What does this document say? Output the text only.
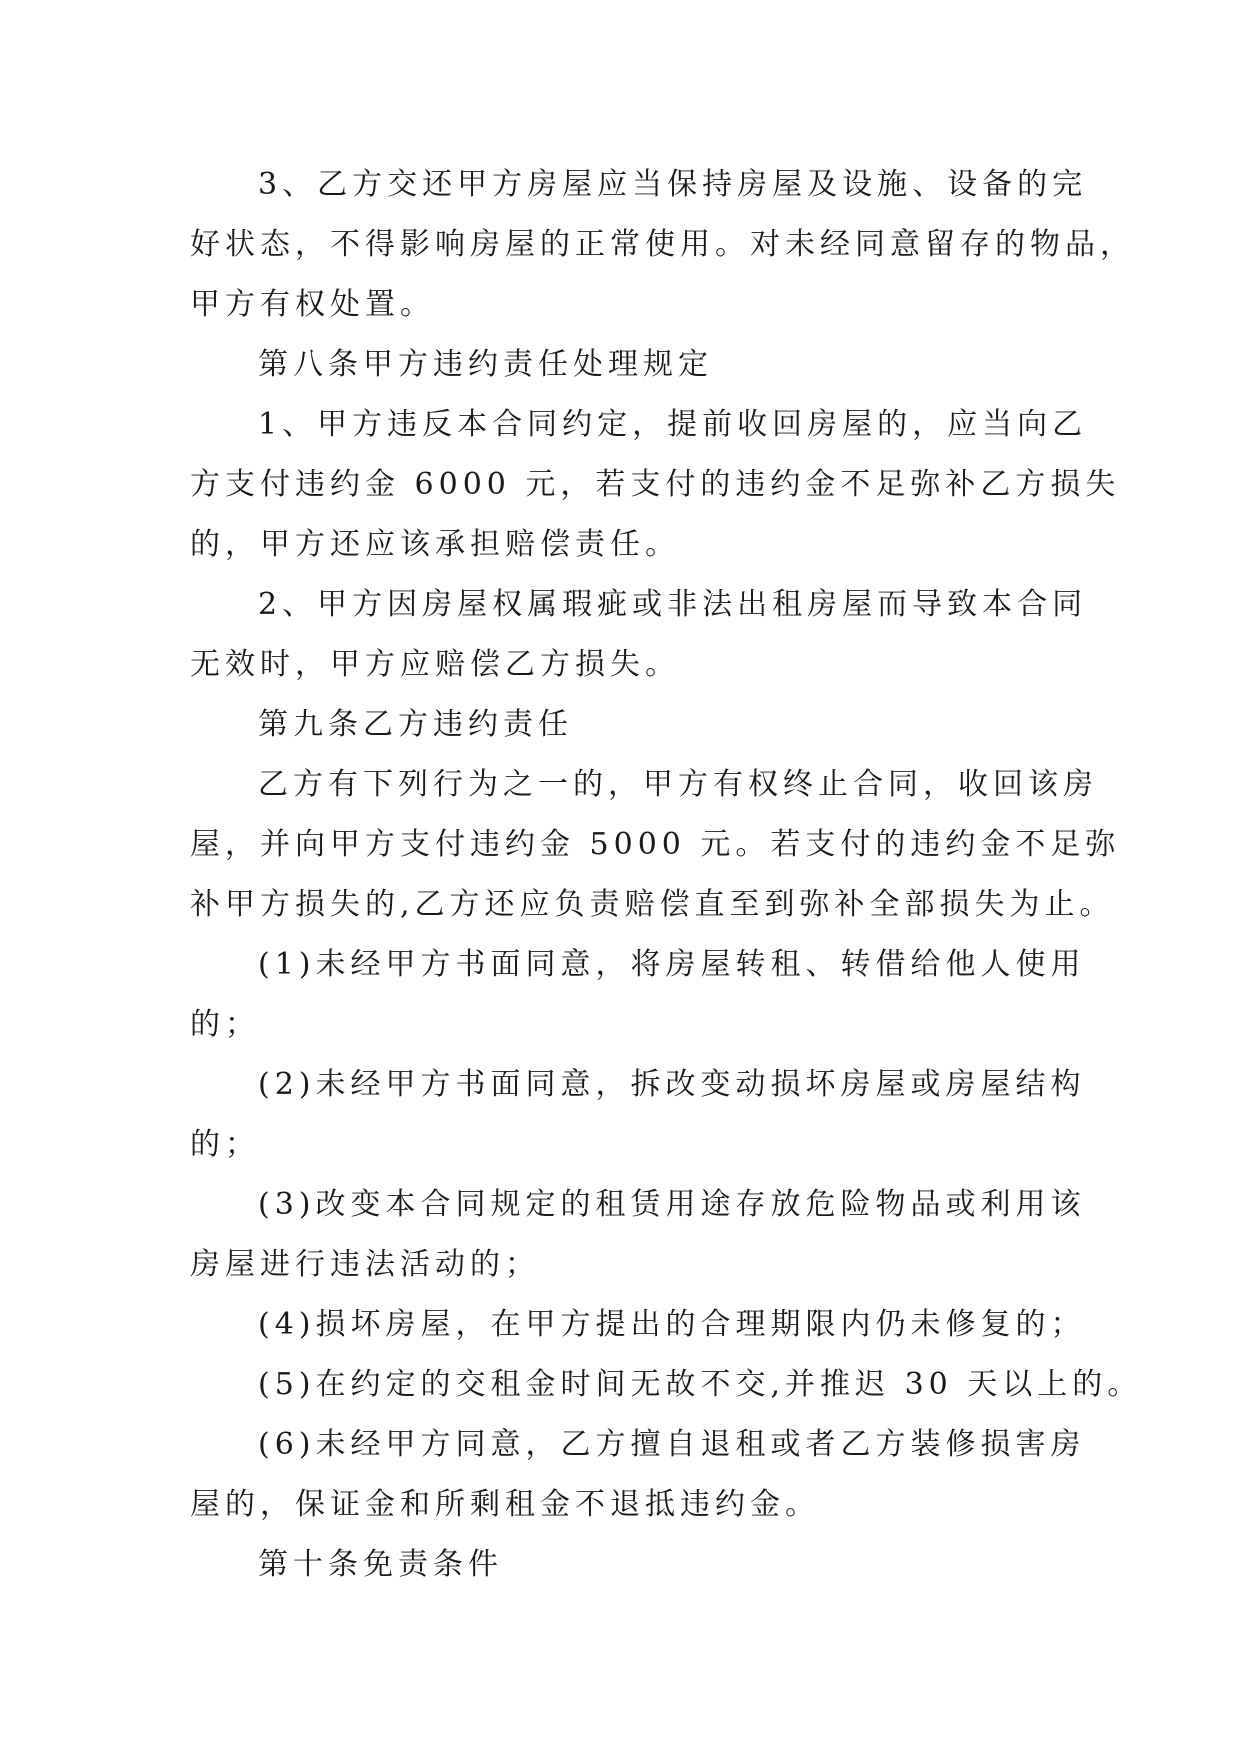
3、乙方交还甲方房屋应当保持房屋及设施、设备的完

好状态，不得影响房屋的正常使用。对未经同意留存的物品，

甲方有权处置。

第八条甲方违约责任处理规定

1、甲方违反本合同约定，提前收回房屋的，应当向乙

方支付违约金 6000 元，若支付的违约金不足弥补乙方损失

的，甲方还应该承担赔偿责任。

2、甲方因房屋权属瑕疵或非法出租房屋而导致本合同

无效时，甲方应赔偿乙方损失。

第九条乙方违约责任

乙方有下列行为之一的，甲方有权终止合同，收回该房

屋，并向甲方支付违约金 5000 元。若支付的违约金不足弥

补甲方损失的,乙方还应负责赔偿直至到弥补全部损失为止。

(1)未经甲方书面同意，将房屋转租、转借给他人使用

的；

(2)未经甲方书面同意，拆改变动损坏房屋或房屋结构

的；

(3)改变本合同规定的租赁用途存放危险物品或利用该

房屋进行违法活动的；

(4)损坏房屋，在甲方提出的合理期限内仍未修复的；

(5)在约定的交租金时间无故不交,并推迟 30 天以上的。

(6)未经甲方同意，乙方擅自退租或者乙方装修损害房

屋的，保证金和所剩租金不退抵违约金。

第十条免责条件
